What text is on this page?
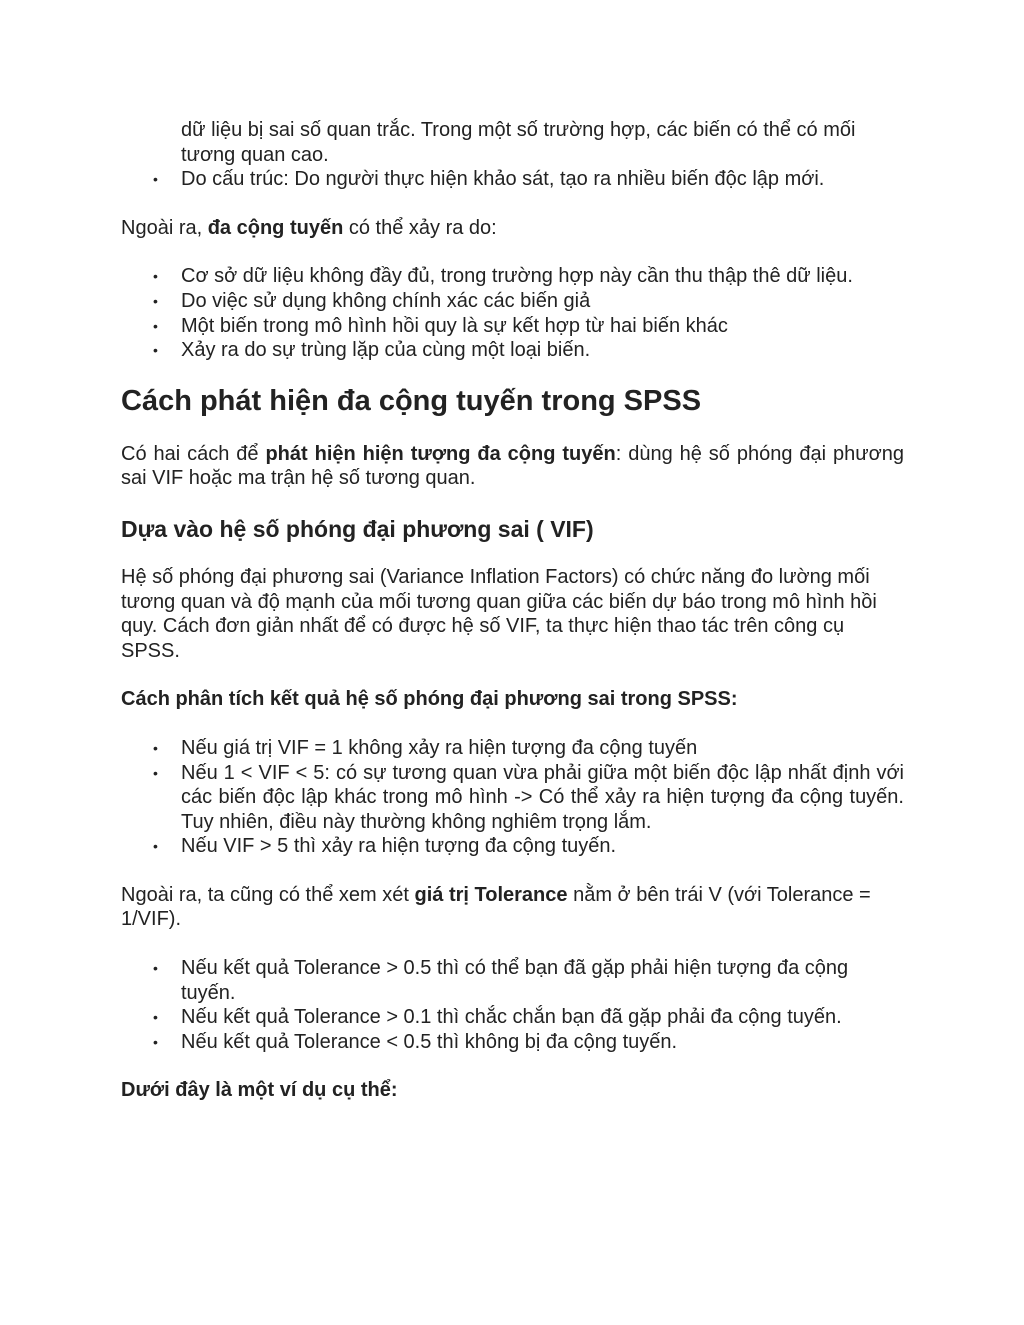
dữ liệu bị sai số quan trắc. Trong một số trường hợp, các biến có thể có mối tương quan cao.

• Do cấu trúc: Do người thực hiện khảo sát, tạo ra nhiều biến độc lập mới.

Ngoài ra, đa cộng tuyến có thể xảy ra do:

• Cơ sở dữ liệu không đầy đủ, trong trường hợp này cần thu thập thê dữ liệu.
• Do việc sử dụng không chính xác các biến giả
• Một biến trong mô hình hồi quy là sự kết hợp từ hai biến khác
• Xảy ra do sự trùng lặp của cùng một loại biến.
Cách phát hiện đa cộng tuyến trong SPSS

Có hai cách để phát hiện hiện tượng đa cộng tuyến: dùng hệ số phóng đại phương sai VIF hoặc ma trận hệ số tương quan.

Dựa vào hệ số phóng đại phương sai ( VIF)

Hệ số phóng đại phương sai (Variance Inflation Factors) có chức năng đo lường mối tương quan và độ mạnh của mối tương quan giữa các biến dự báo trong mô hình hồi quy. Cách đơn giản nhất để có được hệ số VIF, ta thực hiện thao tác trên công cụ SPSS.

Cách phân tích kết quả hệ số phóng đại phương sai trong SPSS:

• Nếu giá trị VIF = 1 không xảy ra hiện tượng đa cộng tuyến
• Nếu 1 < VIF < 5: có sự tương quan vừa phải giữa một biến độc lập nhất định với các biến độc lập khác trong mô hình -> Có thể xảy ra hiện tượng đa cộng tuyến. Tuy nhiên, điều này thường không nghiêm trọng lắm.
• Nếu VIF > 5 thì xảy ra hiện tượng đa cộng tuyến.

Ngoài ra, ta cũng có thể xem xét giá trị Tolerance nằm ở bên trái V (với Tolerance = 1/VIF).

• Nếu kết quả Tolerance > 0.5 thì có thể bạn đã gặp phải hiện tượng đa cộng tuyến.
• Nếu kết quả Tolerance > 0.1 thì chắc chắn bạn đã gặp phải đa cộng tuyến.
• Nếu kết quả Tolerance < 0.5 thì không bị đa cộng tuyến.

Dưới đây là một ví dụ cụ thể:
